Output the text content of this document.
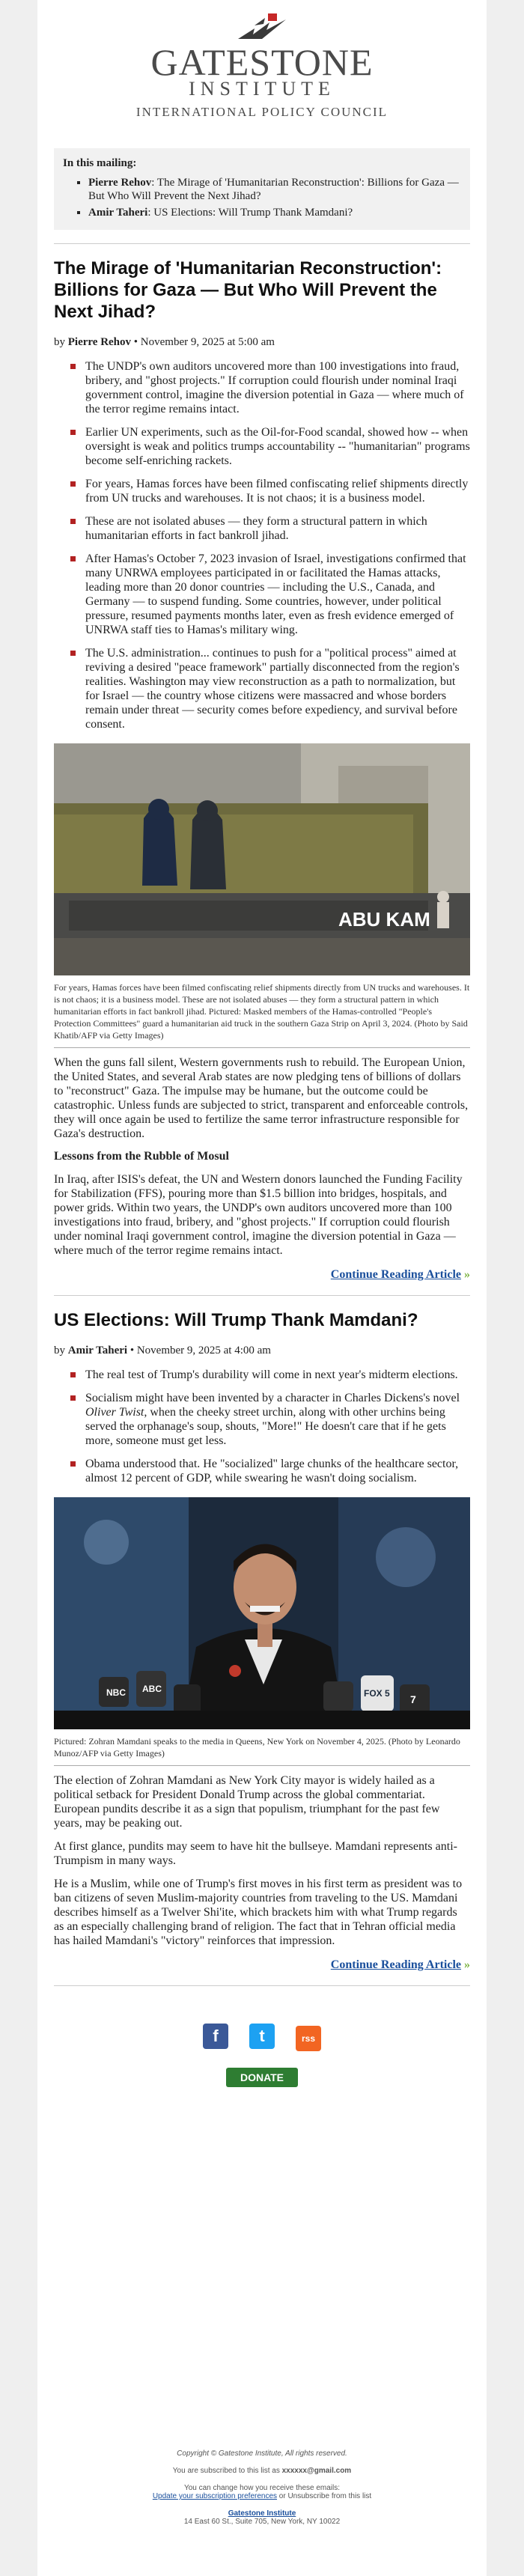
GATESTONE
INSTITUTE
INTERNATIONAL POLICY COUNCIL
In this mailing:
▪ Pierre Rehov: The Mirage of 'Humanitarian Reconstruction': Billions for Gaza — But Who Will Prevent the Next Jihad?
▪ Amir Taheri: US Elections: Will Trump Thank Mamdani?
The Mirage of 'Humanitarian Reconstruction': Billions for Gaza — But Who Will Prevent the Next Jihad?
by Pierre Rehov • November 9, 2025 at 5:00 am
The UNDP's own auditors uncovered more than 100 investigations into fraud, bribery, and "ghost projects." If corruption could flourish under nominal Iraqi government control, imagine the diversion potential in Gaza — where much of the terror regime remains intact.
Earlier UN experiments, such as the Oil-for-Food scandal, showed how -- when oversight is weak and politics trumps accountability -- "humanitarian" programs become self-enriching rackets.
For years, Hamas forces have been filmed confiscating relief shipments directly from UN trucks and warehouses. It is not chaos; it is a business model.
These are not isolated abuses — they form a structural pattern in which humanitarian efforts in fact bankroll jihad.
After Hamas's October 7, 2023 invasion of Israel, investigations confirmed that many UNRWA employees participated in or facilitated the Hamas attacks, leading more than 20 donor countries — including the U.S., Canada, and Germany — to suspend funding. Some countries, however, under political pressure, resumed payments months later, even as fresh evidence emerged of UNRWA staff ties to Hamas's military wing.
The U.S. administration... continues to push for a "political process" aimed at reviving a desired "peace framework" partially disconnected from the region's realities. Washington may view reconstruction as a path to normalization, but for Israel — the country whose citizens were massacred and whose borders remain under threat — security comes before expediency, and survival before consent.
ABU KAM
For years, Hamas forces have been filmed confiscating relief shipments directly from UN trucks and warehouses. It is not chaos; it is a business model. These are not isolated abuses — they form a structural pattern in which humanitarian efforts in fact bankroll jihad. Pictured: Masked members of the Hamas-controlled "People's Protection Committees" guard a humanitarian aid truck in the southern Gaza Strip on April 3, 2024. (Photo by Said Khatib/AFP via Getty Images)

When the guns fall silent, Western governments rush to rebuild. The European Union, the United States, and several Arab states are now pledging tens of billions of dollars to "reconstruct" Gaza. The impulse may be humane, but the outcome could be catastrophic. Unless funds are subjected to strict, transparent and enforceable controls, they will once again be used to fertilize the same terror infrastructure responsible for Gaza's destruction.

Lessons from the Rubble of Mosul

In Iraq, after ISIS's defeat, the UN and Western donors launched the Funding Facility for Stabilization (FFS), pouring more than $1.5 billion into bridges, hospitals, and power grids. Within two years, the UNDP's own auditors uncovered more than 100 investigations into fraud, bribery, and "ghost projects." If corruption could flourish under nominal Iraqi government control, imagine the diversion potential in Gaza — where much of the terror regime remains intact.

Continue Reading Article »
US Elections: Will Trump Thank Mamdani?
by Amir Taheri • November 9, 2025 at 4:00 am
The real test of Trump's durability will come in next year's midterm elections.
Socialism might have been invented by a character in Charles Dickens's novel Oliver Twist, when the cheeky street urchin, along with other urchins being served the orphanage's soup, shouts, "More!" He doesn't care that if he gets more, someone must get less.
Obama understood that. He "socialized" large chunks of the healthcare sector, almost 12 percent of GDP, while swearing he wasn't doing socialism.
NBC ABC	FOX 5 7
Pictured: Zohran Mamdani speaks to the media in Queens, New York on November 4, 2025. (Photo by Leonardo Munoz/AFP via Getty Images)

The election of Zohran Mamdani as New York City mayor is widely hailed as a political setback for President Donald Trump across the global commentariat. European pundits describe it as a sign that populism, triumphant for the past few years, may be peaking out.

At first glance, pundits may seem to have hit the bullseye. Mamdani represents anti-Trumpism in many ways.

He is a Muslim, while one of Trump's first moves in his first term as president was to ban citizens of seven Muslim-majority countries from traveling to the US. Mamdani describes himself as a Twelver Shi'ite, which brackets him with what Trump regards as an especially challenging brand of religion. The fact that in Tehran official media has hailed Mamdani's "victory" reinforces that impression.

Continue Reading Article »
f t	rss
DONATE

Copyright © Gatestone Institute, All rights reserved.

You are subscribed to this list as xxxxxx@gmail.com

You can change how you receive these emails:

Update your subscription preferences or Unsubscribe from this list

Gatestone Institute

14 East 60 St., Suite 705, New York, NY 10022
